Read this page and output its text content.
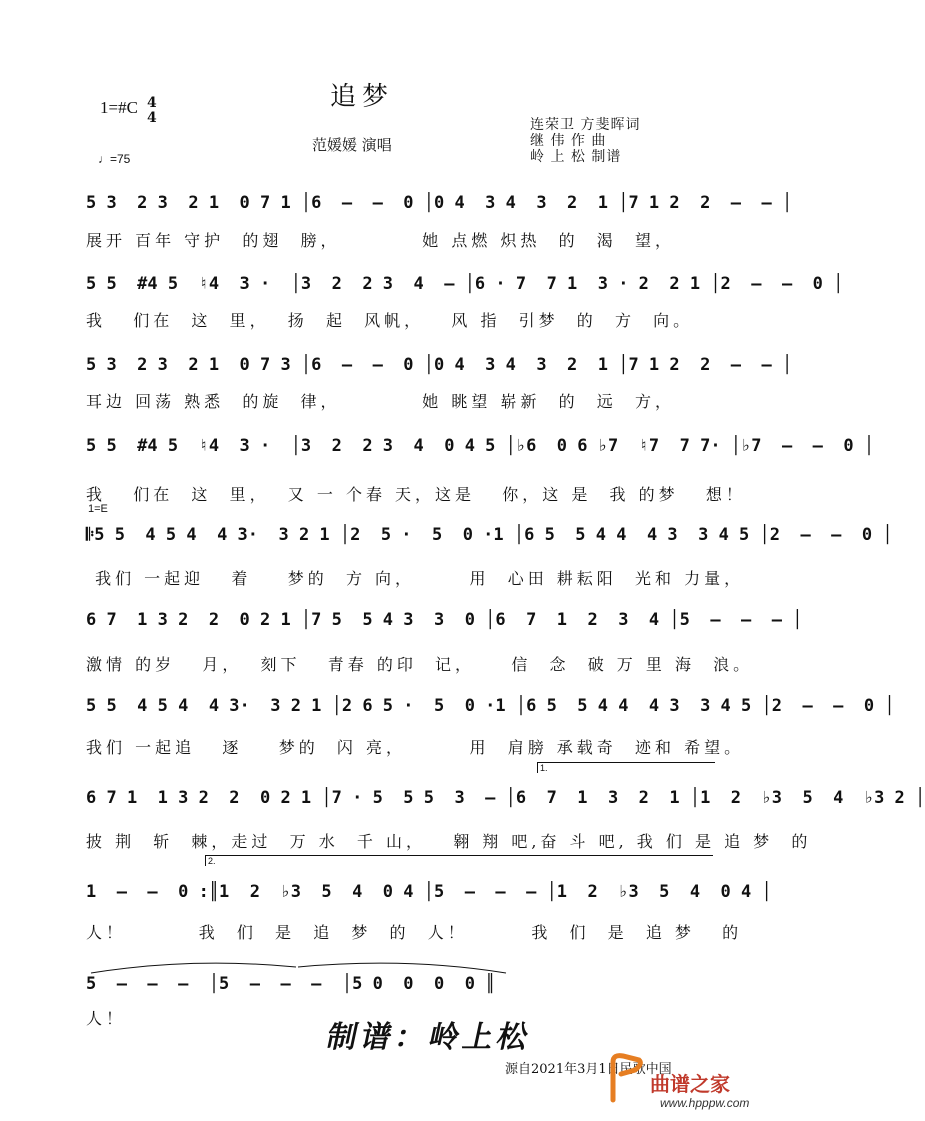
追梦
1=#C 4
4
范媛媛 演唱
♩=75
连荣卫 方斐晖词
继 伟 作 曲
岭 上 松 制谱
1=E
5 3  2 3  2 1  0 7 1 │6  –  –  0 │0 4  3 4  3  2  1 │7 1 2  2  –  – │
展开 百年 守护  的翅  膀，         她 点燃 炽热  的  渴  望，
5 5  #4 5  ♮4  3 ·  │3  2  2 3  4  – │6 · 7  7 1  3 · 2  2 1 │2  –  –  0 │
我   们在  这  里，  扬  起  风帆，   风 指  引梦  的  方  向。
5 3  2 3  2 1  0 7 3 │6  –  –  0 │0 4  3 4  3  2  1 │7 1 2  2  –  – │
耳边 回荡 熟悉  的旋  律，         她 眺望 崭新  的  远  方，
5 5  #4 5  ♮4  3 ·  │3  2  2 3  4  0 4 5 │♭6  0 6 ♭7  ♮7  7 7· │♭7  –  –  0 │
我   们在  这  里，  又 一 个春 天，这是   你，这 是  我 的梦   想！
𝄆5 5  4 5 4  4 3·  3 2 1 │2  5 ·  5  0 ·1 │6 5  5 4 4  4 3  3 4 5 │2  –  –  0 │
我们 一起迎   着    梦的  方 向，      用  心田 耕耘阳  光和 力量，
6 7  1 3 2  2  0 2 1 │7 5  5 4 3  3  0 │6  7  1  2  3  4 │5  –  –  – │
激情 的岁   月，  刻下   青春 的印  记，    信  念  破 万 里 海  浪。
5 5  4 5 4  4 3·  3 2 1 │2 6 5 ·  5  0 ·1 │6 5  5 4 4  4 3  3 4 5 │2  –  –  0 │
我们 一起追   逐    梦的  闪 亮，       用  肩膀 承载奇  迹和 希望。
1.
6 7 1  1 3 2  2  0 2 1 │7 · 5  5 5  3  – │6  7  1  3  2  1 │1  2  ♭3  5  4  ♭3 2 │
披 荆  斩  棘，走过  万 水  千 山，   翱 翔 吧,奋 斗 吧, 我 们 是 追 梦  的
2.
1  –  –  0 :║1  2  ♭3  5  4  0 4 │5  –  –  – │1  2  ♭3  5  4  0 4 │
人！        我  们  是  追  梦  的  人！       我  们  是  追 梦   的
5  –  –  –  │5  –  –  –  │5 0  0  0  0 ║
人！
制谱：岭上松
源自2021年3月1日民歌中国
曲谱之家
www.hpppw.com
